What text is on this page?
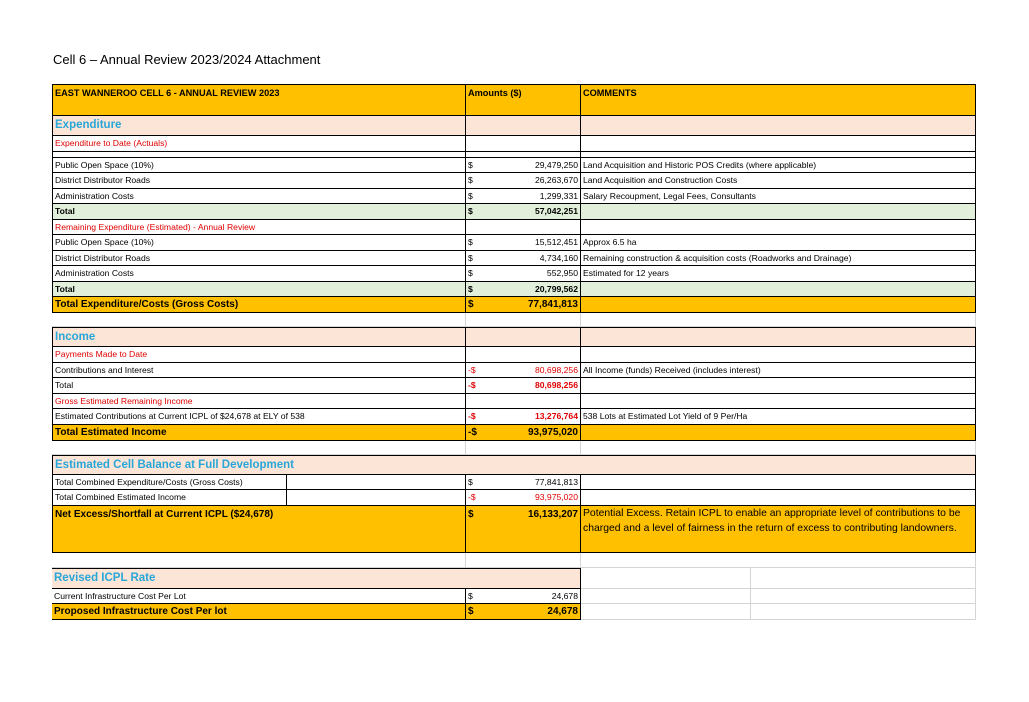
Cell 6 – Annual Review 2023/2024 Attachment
EAST WANNEROO CELL 6 - ANNUAL REVIEW 2023	Amounts ($)	COMMENTS
Expenditure
Expenditure to Date (Actuals)
Public Open Space (10%)	$	29,479,250 Land Acquisition and Historic POS Credits (where applicable)
District Distributor Roads	$	26,263,670 Land Acquisition and Construction Costs
Administration Costs	$	1,299,331 Salary Recoupment, Legal Fees, Consultants
Total	$	57,042,251
Remaining Expenditure (Estimated) - Annual Review
Public Open Space (10%)	$	15,512,451 Approx 6.5 ha
District Distributor Roads	$	4,734,160 Remaining construction & acquisition costs (Roadworks and Drainage)
Administration Costs	$	552,950 Estimated for 12 years
Total	$	20,799,562
Total Expenditure/Costs (Gross Costs)	$	77,841,813
Income
Payments Made to Date
Contributions and Interest	-$	80,698,256 All Income (funds) Received (includes interest)
Total	-$	80,698,256
Gross Estimated Remaining Income
Estimated Contributions at Current ICPL of $24,678 at ELY of 538	-$	13,276,764 538 Lots at Estimated Lot Yield of 9 Per/Ha
Total Estimated Income	-$	93,975,020
Estimated Cell Balance at Full Development
Total Combined Expenditure/Costs (Gross Costs)	$	77,841,813
Total Combined Estimated Income	-$	93,975,020
Net Excess/Shortfall at Current ICPL ($24,678)	$	16,133,207 Potential Excess. Retain ICPL to enable an appropriate level of contributions to be charged and a level of fairness in the return of excess to contributing landowners.
Revised ICPL Rate
Current Infrastructure Cost Per Lot	$	24,678
Proposed Infrastructure Cost Per lot	$	24,678
